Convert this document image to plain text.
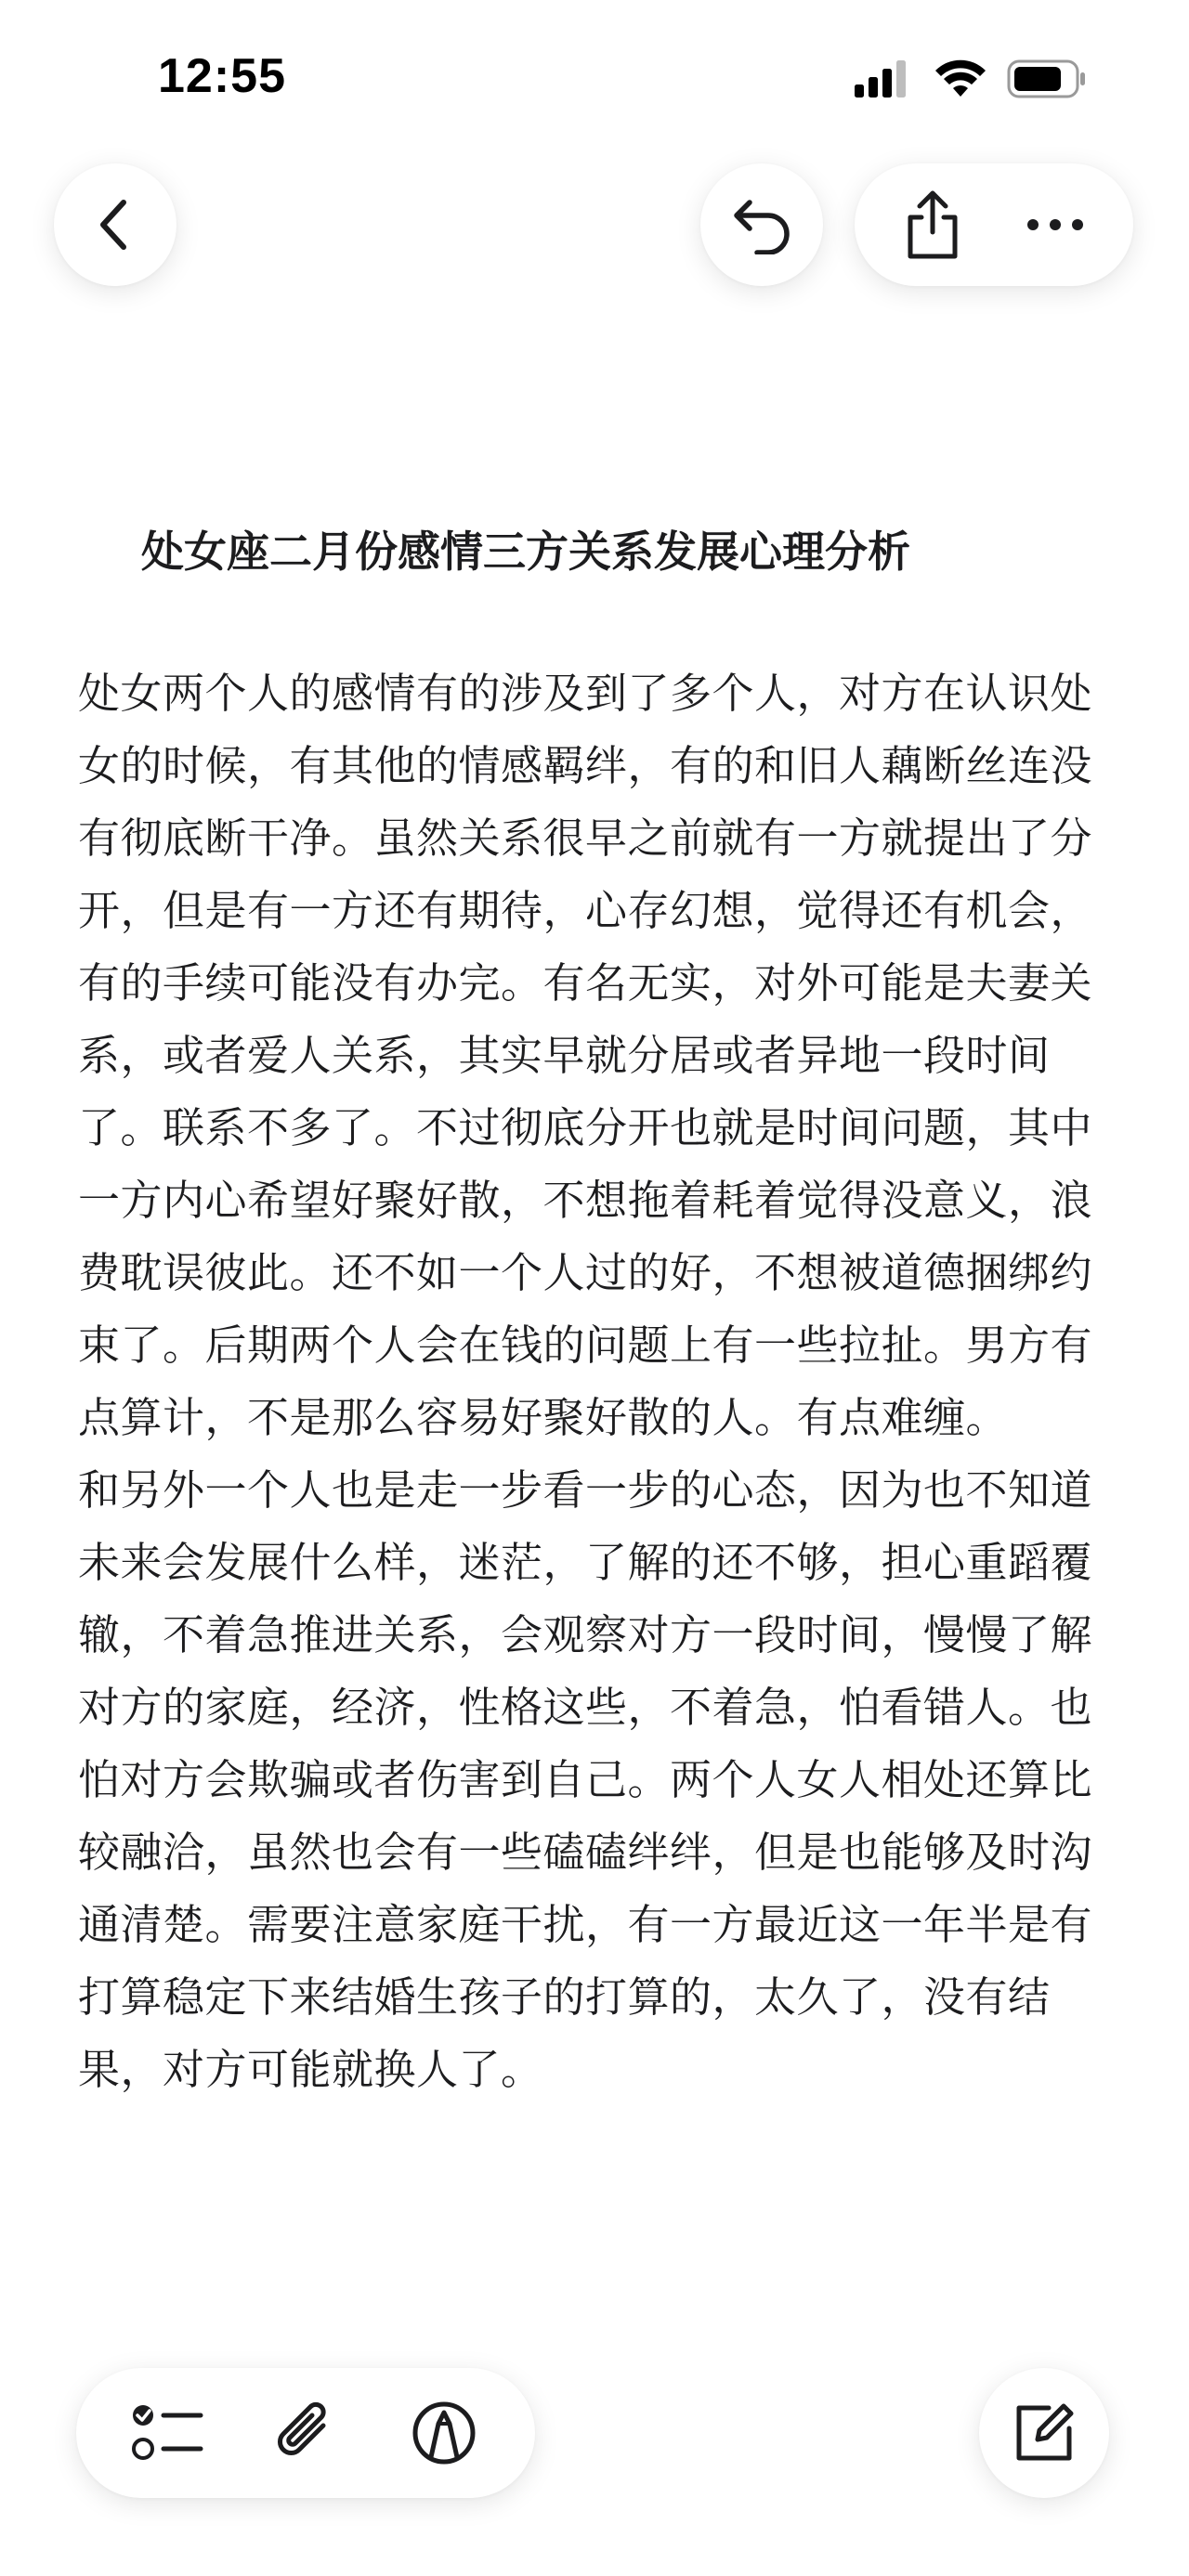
12:55
处女座二月份感情三方关系发展心理分析

处女两个人的感情有的涉及到了多个人，对方在认识处女的时候，有其他的情感羁绊，有的和旧人藕断丝连没有彻底断干净。虽然关系很早之前就有一方就提出了分开，但是有一方还有期待，心存幻想，觉得还有机会，有的手续可能没有办完。有名无实，对外可能是夫妻关系，或者爱人关系，其实早就分居或者异地一段时间了。联系不多了。不过彻底分开也就是时间问题，其中一方内心希望好聚好散，不想拖着耗着觉得没意义，浪费耽误彼此。还不如一个人过的好，不想被道德捆绑约束了。后期两个人会在钱的问题上有一些拉扯。男方有点算计，不是那么容易好聚好散的人。有点难缠。

和另外一个人也是走一步看一步的心态，因为也不知道未来会发展什么样，迷茫，了解的还不够，担心重蹈覆辙，不着急推进关系，会观察对方一段时间，慢慢了解对方的家庭，经济，性格这些，不着急，怕看错人。也怕对方会欺骗或者伤害到自己。两个人女人相处还算比较融洽，虽然也会有一些磕磕绊绊，但是也能够及时沟通清楚。需要注意家庭干扰，有一方最近这一年半是有打算稳定下来结婚生孩子的打算的，太久了，没有结果，对方可能就换人了。
